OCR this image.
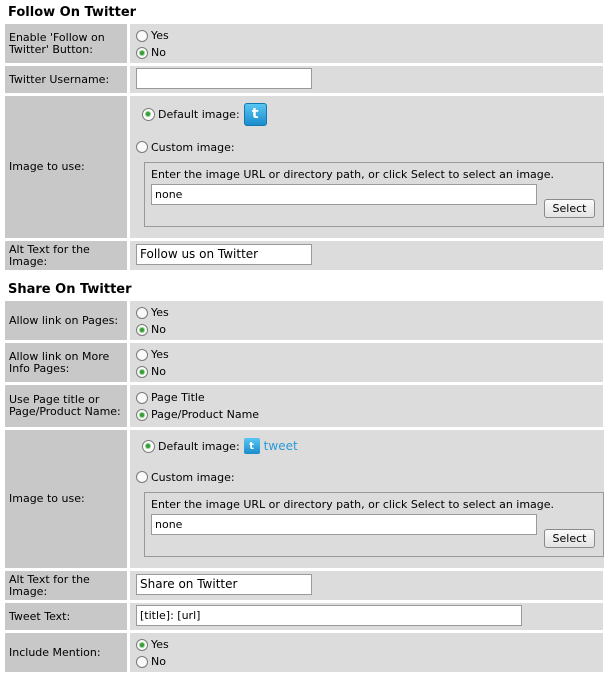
Follow On Twitter
Enable 'Follow on Twitter' Button:
Yes
No
Twitter Username:
Image to use:
Default image: t
Custom image:
Enter the image URL or directory path, or click Select to select an image.
none
Select
Alt Text for the Image:	Follow us on Twitter
Share On Twitter
Allow link on Pages:
Yes
No
Allow link on More Info Pages:
Yes
No
Use Page title or Page/Product Name:
Page Title
Page/Product Name
Image to use:
Default image: t tweet
Custom image:
Enter the image URL or directory path, or click Select to select an image.
none
Select
Alt Text for the Image:	Share on Twitter
Tweet Text:	[title]: [url]
Include Mention:
Yes
No
